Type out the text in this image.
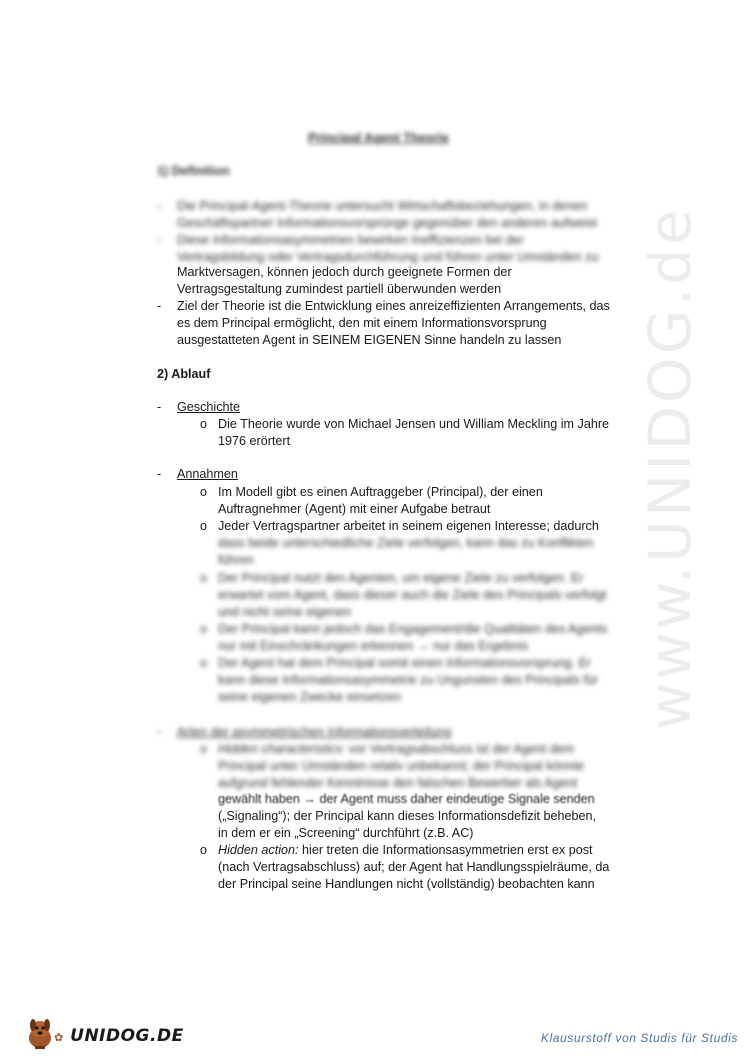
Principal Agent Theorie
1) Definition
- Die Principal-Agent-Theorie untersucht Wirtschaftsbeziehungen, in denen
Geschäftspartner Informationsvorsprünge gegenüber den anderen aufweist
- Diese Informationsasymmetrien bewirken Ineffizienzen bei der
Vertragsbildung oder Vertragsdurchführung und führen unter Umständen zu
Marktversagen, können jedoch durch geeignete Formen der
Vertragsgestaltung zumindest partiell überwunden werden
- Ziel der Theorie ist die Entwicklung eines anreizeffizienten Arrangements, das
es dem Principal ermöglicht, den mit einem Informationsvorsprung
ausgestatteten Agent in SEINEM EIGENEN Sinne handeln zu lassen
2) Ablauf
- Geschichte
o Die Theorie wurde von Michael Jensen und William Meckling im Jahre
1976 erörtert
- Annahmen
o Im Modell gibt es einen Auftraggeber (Principal), der einen
Auftragnehmer (Agent) mit einer Aufgabe betraut
o Jeder Vertragspartner arbeitet in seinem eigenen Interesse; dadurch
dass beide unterschiedliche Ziele verfolgen, kann das zu Konflikten
führen
o Der Principal nutzt den Agenten, um eigene Ziele zu verfolgen. Er
erwartet vom Agent, dass dieser auch die Ziele des Principals verfolgt
und nicht seine eigenen
o Der Principal kann jedoch das Engagement/die Qualitäten des Agents
nur mit Einschränkungen erkennen → nur das Ergebnis
o Der Agent hat dem Principal somit einen Informationsvorsprung. Er
kann diese Informationsasymmetrie zu Ungunsten des Principals für
seine eigenen Zwecke einsetzen
- Arten der asymmetrischen Informationsverteilung
o Hidden characteristics: vor Vertragsabschluss ist der Agent dem
Principal unter Umständen relativ unbekannt; der Principal könnte
aufgrund fehlender Kenntnisse den falschen Bewerber als Agent
gewählt haben → der Agent muss daher eindeutige Signale senden
(„Signaling“); der Principal kann dieses Informationsdefizit beheben,
in dem er ein „Screening“ durchführt (z.B. AC)
o Hidden action: hier treten die Informationsasymmetrien erst ex post
(nach Vertragsabschluss) auf; der Agent hat Handlungsspielräume, da
der Principal seine Handlungen nicht (vollständig) beobachten kann
www.UNIDOG.de
✿ UNIDOG.DE	Klausurstoff von Studis für Studis
